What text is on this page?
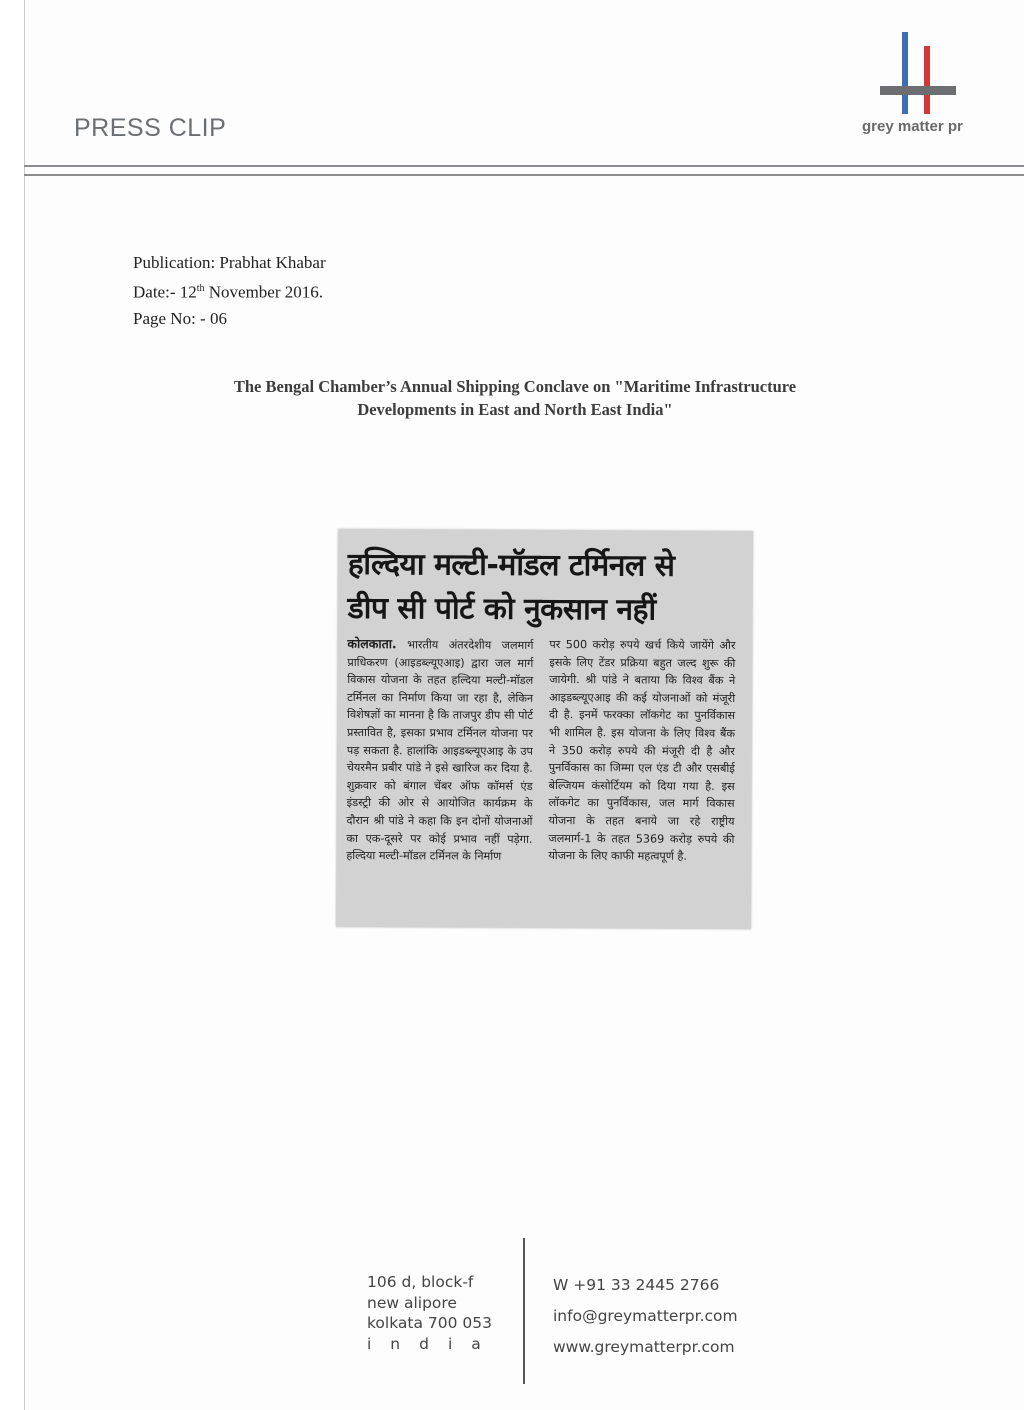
PRESS CLIP	grey matter pr
Publication: Prabhat Khabar
Date:- 12th November 2016.
Page No: - 06
The Bengal Chamber’s Annual Shipping Conclave on "Maritime Infrastructure
Developments in East and North East India"
हल्दिया मल्टी-मॉडल टर्मिनल से
डीप सी पोर्ट को नुकसान नहीं
कोलकाता. भारतीय अंतरदेशीय जलमार्ग प्राधिकरण (आइडब्ल्यूएआइ) द्वारा जल मार्ग विकास योजना के तहत हल्दिया मल्टी-मॉडल टर्मिनल का निर्माण किया जा रहा है, लेकिन विशेषज्ञों का मानना है कि ताजपुर डीप सी पोर्ट प्रस्तावित है, इसका प्रभाव टर्मिनल योजना पर पड़ सकता है. हालांकि आइडब्ल्यूएआइ के उप चेयरमैन प्रबीर पांडे ने इसे खारिज कर दिया है. शुक्रवार को बंगाल चेंबर ऑफ कॉमर्स एंड इंडस्ट्री की ओर से आयोजित कार्यक्रम के दौरान श्री पांडे ने कहा कि इन दोनों योजनाओं का एक-दूसरे पर कोई प्रभाव नहीं पड़ेगा. हल्दिया मल्टी-मॉडल टर्मिनल के निर्माण
पर 500 करोड़ रुपये खर्च किये जायेंगे और इसके लिए टेंडर प्रक्रिया बहुत जल्द शुरू की जायेगी. श्री पांडे ने बताया कि विश्व बैंक ने आइडब्ल्यूएआइ की कई योजनाओं को मंजूरी दी है. इनमें फरक्का लॉकगेट का पुनर्विकास भी शामिल है. इस योजना के लिए विश्व बैंक ने 350 करोड़ रुपये की मंजूरी दी है और पुनर्विकास का जिम्मा एल एंड टी और एसबीई बेल्जियम कंसोर्टियम को दिया गया है. इस लॉकगेट का पुनर्विकास, जल मार्ग विकास योजना के तहत बनाये जा रहे राष्ट्रीय जलमार्ग-1 के तहत 5369 करोड़ रुपये की योजना के लिए काफी महत्वपूर्ण है.
106 d, block-f
new alipore
kolkata 700 053
india
W +91 33 2445 2766
info@greymatterpr.com
www.greymatterpr.com
